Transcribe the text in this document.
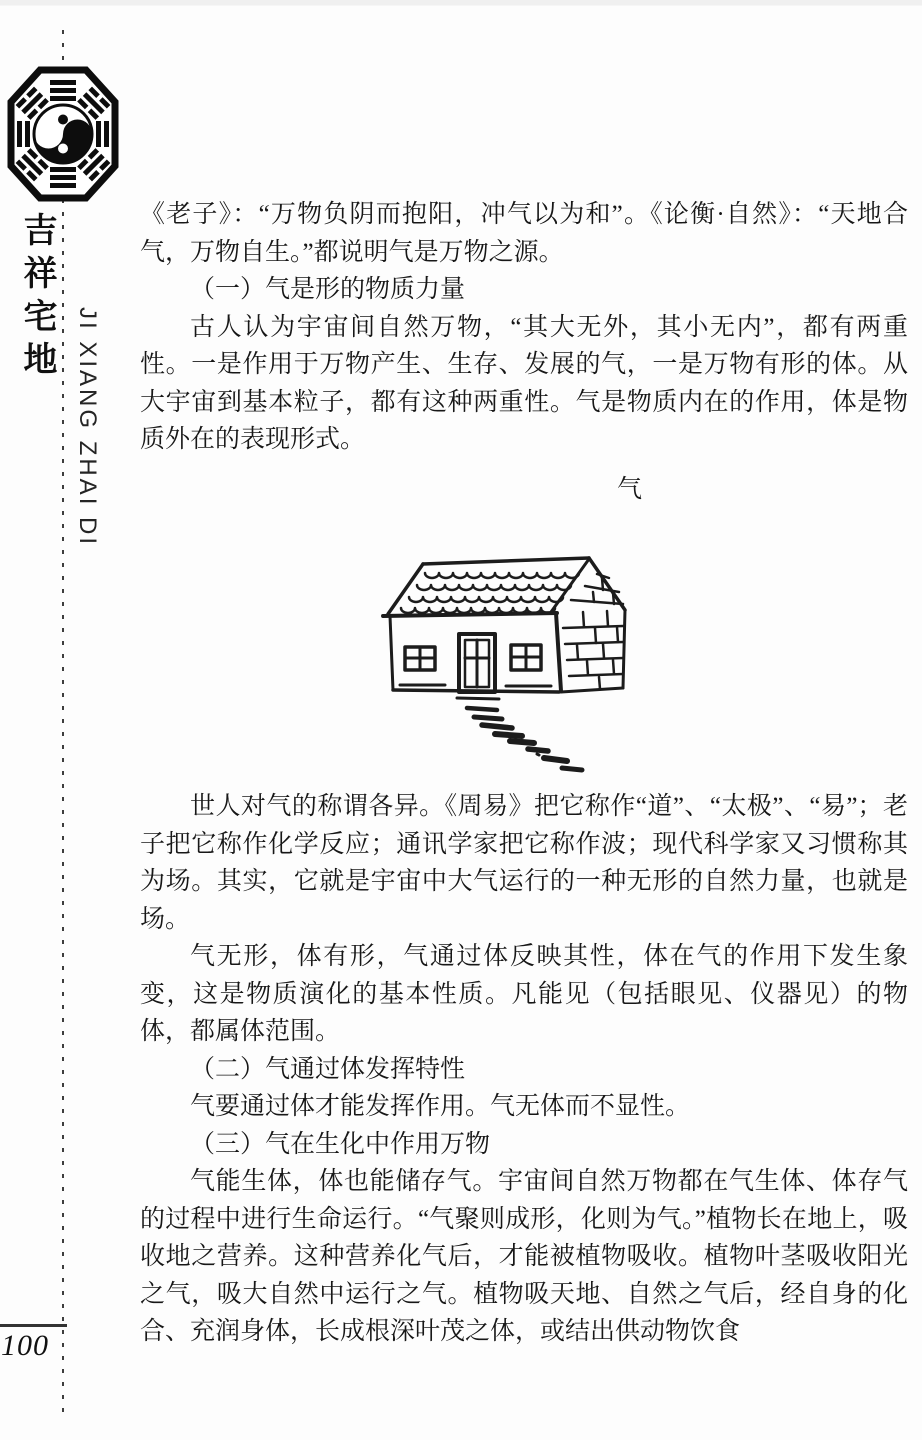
吉祥宅地
JI XIANG ZHAI DI
《老子》：“万物负阴而抱阳，冲气以为和”。《论衡·自然》：“天地合气，万物自生。”都说明气是万物之源。
（一）气是形的物质力量
古人认为宇宙间自然万物，“其大无外，其小无内”，都有两重性。一是作用于万物产生、生存、发展的气，一是万物有形的体。从大宇宙到基本粒子，都有这种两重性。气是物质内在的作用，体是物质外在的表现形式。
气
世人对气的称谓各异。《周易》把它称作“道”、“太极”、“易”；老子把它称作化学反应；通讯学家把它称作波；现代科学家又习惯称其为场。其实，它就是宇宙中大气运行的一种无形的自然力量，也就是场。
气无形，体有形，气通过体反映其性，体在气的作用下发生象变，这是物质演化的基本性质。凡能见（包括眼见、仪器见）的物体，都属体范围。
（二）气通过体发挥特性
气要通过体才能发挥作用。气无体而不显性。
（三）气在生化中作用万物
气能生体，体也能储存气。宇宙间自然万物都在气生体、体存气的过程中进行生命运行。“气聚则成形，化则为气。”植物长在地上，吸收地之营养。这种营养化气后，才能被植物吸收。植物叶茎吸收阳光之气，吸大自然中运行之气。植物吸天地、自然之气后，经自身的化合、充润身体，长成根深叶茂之体，或结出供动物饮食
100
